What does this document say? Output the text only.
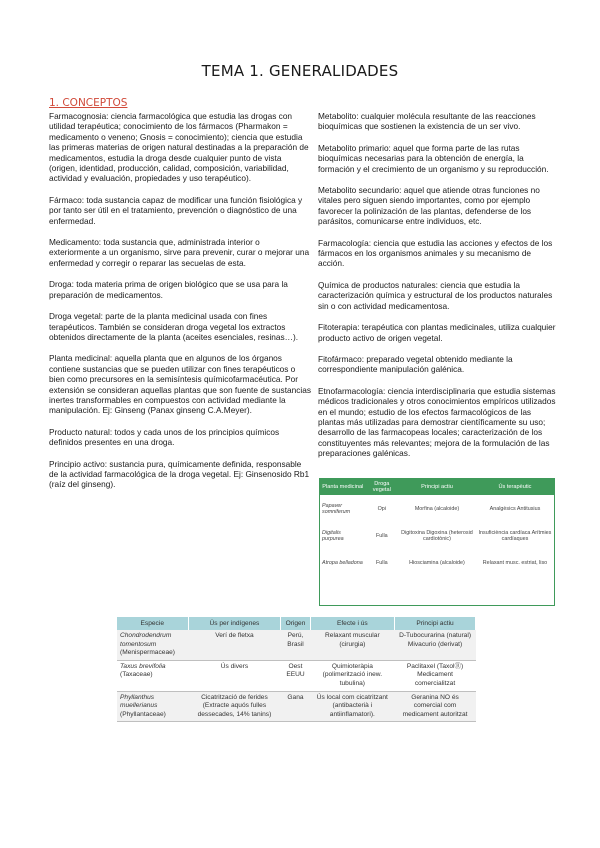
TEMA 1. GENERALIDADES
1. CONCEPTOS

Farmacognosia: ciencia farmacológica que estudia las drogas con utilidad terapéutica; conocimiento de los fármacos (Pharmakon = medicamento o veneno; Gnosis = conocimiento); ciencia que estudia las primeras materias de origen natural destinadas a la preparación de medicamentos, estudia la droga desde cualquier punto de vista (origen, identidad, producción, calidad, composición, variabilidad, actividad y evaluación, propiedades y uso terapéutico).

Fármaco: toda sustancia capaz de modificar una función fisiológica y por tanto ser útil en el tratamiento, prevención o diagnóstico de una enfermedad.

Medicamento: toda sustancia que, administrada interior o exteriormente a un organismo, sirve para prevenir, curar o mejorar una enfermedad y corregir o reparar las secuelas de esta.

Droga: toda materia prima de origen biológico que se usa para la preparación de medicamentos.

Droga vegetal: parte de la planta medicinal usada con fines terapéuticos. También se consideran droga vegetal los extractos obtenidos directamente de la planta (aceites esenciales, resinas…).

Planta medicinal: aquella planta que en algunos de los órganos contiene sustancias que se pueden utilizar con fines terapéuticos o bien como precursores en la semisíntesis químicofarmacéutica. Por extensión se consideran aquellas plantas que son fuente de sustancias inertes transformables en compuestos con actividad mediante la manipulación. Ej: Ginseng (Panax ginseng C.A.Meyer).

Producto natural: todos y cada unos de los principios químicos definidos presentes en una droga.

Principio activo: sustancia pura, químicamente definida, responsable de la actividad farmacológica de la droga vegetal. Ej: Ginsenosido Rb1 (raíz del ginseng).

Metabolito: cualquier molécula resultante de las reacciones bioquímicas que sostienen la existencia de un ser vivo.

Metabolito primario: aquel que forma parte de las rutas bioquímicas necesarias para la obtención de energía, la formación y el crecimiento de un organismo y su reproducción.

Metabolito secundario: aquel que atiende otras funciones no vitales pero siguen siendo importantes, como por ejemplo favorecer la polinización de las plantas, defenderse de los parásitos, comunicarse entre individuos, etc.

Farmacología: ciencia que estudia las acciones y efectos de los fármacos en los organismos animales y su mecanismo de acción.

Química de productos naturales: ciencia que estudia la caracterización química y estructural de los productos naturales sin o con actividad medicamentosa.

Fitoterapia: terapéutica con plantas medicinales, utiliza cualquier producto activo de origen vegetal.

Fitofármaco: preparado vegetal obtenido mediante la correspondiente manipulación galénica.

Etnofarmacología: ciencia interdisciplinaria que estudia sistemas médicos tradicionales y otros conocimientos empíricos utilizados en el mundo; estudio de los efectos farmacológicos de las plantas más utilizadas para demostrar científicamente su uso; desarrollo de las farmacopeas locales; caracterización de los constituyentes más relevantes; mejora de la formulación de las preparaciones galénicas.

Planta medicinal	Droga vegetal	Principi actiu	Ús terapèutic
Papaver somniferum	Opi	Morfina (alcaloide)	Analgèsics Antitusius
Digitalis purpurea	Fulla	Digitoxina Digoxina (heterosid cardiotònic)	Insuficiència cardíaca Arítmies cardíaques
Atropa belladona	Fulla	Hiosciamina (alcaloide)	Relaxant musc. estriat, liso
Especie	Ús per indígenes	Origen	Efecte i ús	Principi actiu

Chondrodendrum tomentosum
(Menispermaceae)	Verí de fletxa	Perú, Brasil	Relaxant muscular (cirurgia)	D-Tubocurarina (natural) Mivacurio (derivat)

Taxus brevifolia
(Taxaceae)	Ús divers	Oest EEUU	Quimioteràpia (polimerització inew. tubulina)	Paclitaxel (TaxolⓇ) Medicament comercialitzat

Phyllanthus muellerianus
(Phyllantaceae)	Cicatrització de ferides (Extracte aquós fulles dessecades, 14% tanins)	Gana	Ús local com cicatritzant (antibacterià i antiinflamatori).	Geranina NO és comercial com medicament autoritzat
